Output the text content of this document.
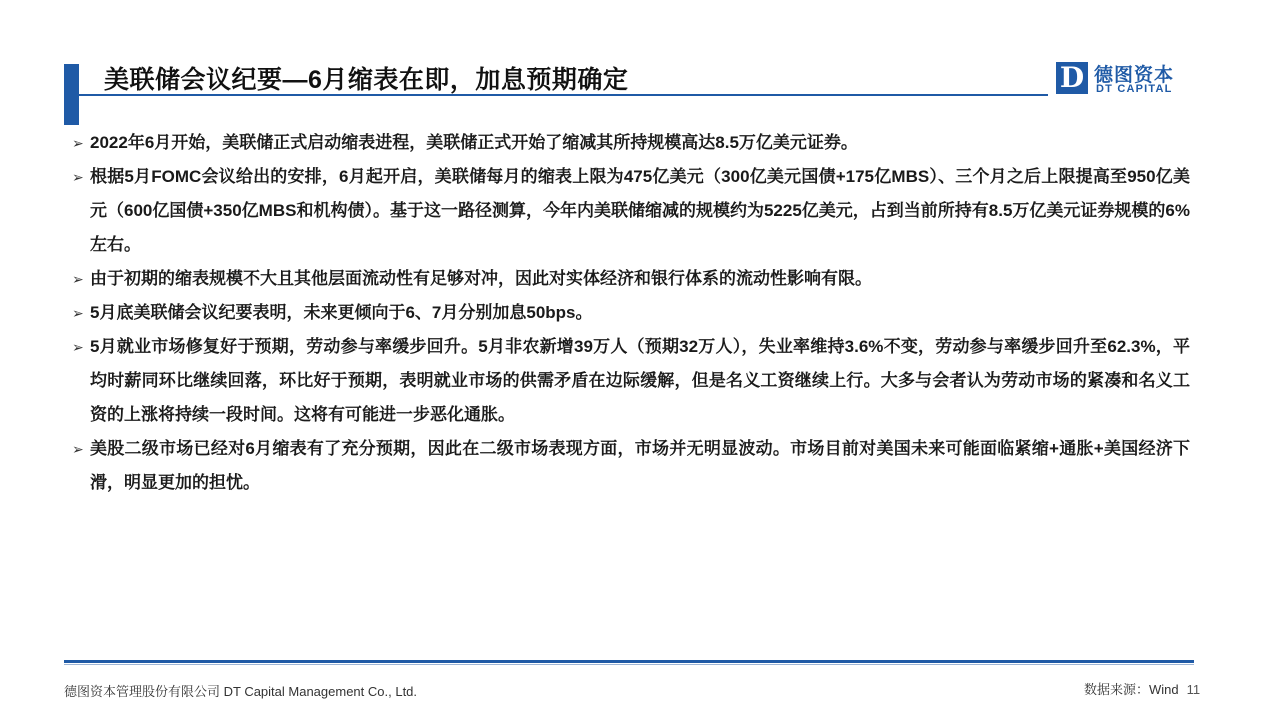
美联储会议纪要—6月缩表在即，加息预期确定	D 德图资本
DT CAPITAL
➢ 2022年6月开始，美联储正式启动缩表进程，美联储正式开始了缩减其所持规模高达8.5万亿美元证券。
➢ 根据5月FOMC会议给出的安排，6月起开启，美联储每月的缩表上限为475亿美元（300亿美元国债+175亿MBS）、三个月之后上限提高至950亿美元（600亿国债+350亿MBS和机构债）。基于这一路径测算，今年内美联储缩减的规模约为5225亿美元，占到当前所持有8.5万亿美元证券规模的6%左右。
➢ 由于初期的缩表规模不大且其他层面流动性有足够对冲，因此对实体经济和银行体系的流动性影响有限。
➢ 5月底美联储会议纪要表明，未来更倾向于6、7月分别加息50bps。
➢ 5月就业市场修复好于预期，劳动参与率缓步回升。5月非农新增39万人（预期32万人），失业率维持3.6%不变，劳动参与率缓步回升至62.3%，平均时薪同环比继续回落，环比好于预期，表明就业市场的供需矛盾在边际缓解，但是名义工资继续上行。大多与会者认为劳动市场的紧凑和名义工资的上涨将持续一段时间。这将有可能进一步恶化通胀。
➢ 美股二级市场已经对6月缩表有了充分预期，因此在二级市场表现方面，市场并无明显波动。市场目前对美国未来可能面临紧缩+通胀+美国经济下滑，明显更加的担忧。
德图资本管理股份有限公司 DT Capital Management Co., Ltd.	数据来源：Wind 11
